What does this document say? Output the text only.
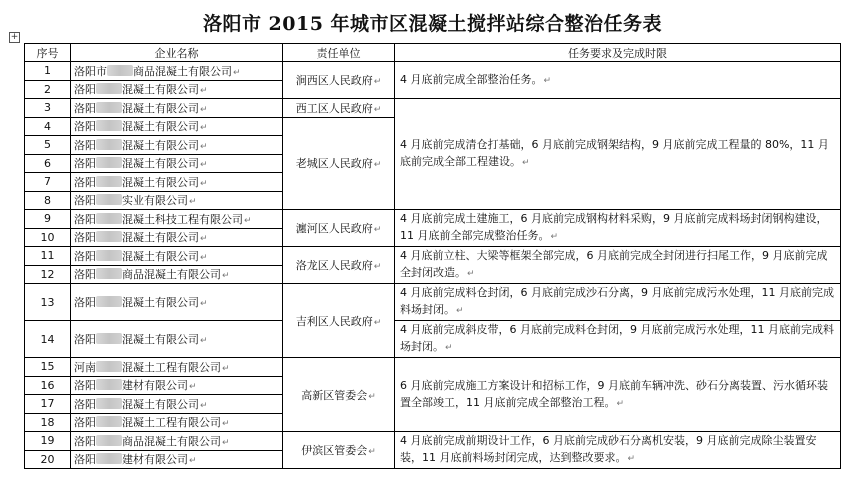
洛阳市 2015 年城市区混凝土搅拌站综合整治任务表
+
序号	企业名称	责任单位	任务要求及完成时限
1	洛阳市 商品混凝土有限公司↵	涧西区人民政府↵	4 月底前完成全部整治任务。↵
2	洛阳 混凝土有限公司↵		
3	洛阳 混凝土有限公司↵	西工区人民政府↵	4 月底前完成清仓打基础，6 月底前完成钢架结构，9 月底前完成工程量的 80%，11 月底前完成全部工程建设。↵
4	洛阳 混凝土有限公司↵	老城区人民政府↵	
5	洛阳 混凝土有限公司↵		
6	洛阳 混凝土有限公司↵		
7	洛阳 混凝土有限公司↵		
8	洛阳 实业有限公司↵		
9	洛阳 混凝土科技工程有限公司↵	瀍河区人民政府↵	4 月底前完成土建施工，6 月底前完成钢构材料采购，9 月底前完成料场封闭钢构建设，11 月底前全部完成整治任务。↵
10	洛阳 混凝土有限公司↵		
11	洛阳 混凝土有限公司↵	洛龙区人民政府↵	4 月底前立柱、大梁等框架全部完成，6 月底前完成全封闭进行扫尾工作，9 月底前完成全封闭改造。↵
12	洛阳 商品混凝土有限公司↵		
13	洛阳 混凝土有限公司↵	吉利区人民政府↵	4 月底前完成料仓封闭，6 月底前完成沙石分离，9 月底前完成污水处理，11 月底前完成料场封闭。↵
14	洛阳 混凝土有限公司↵		4 月底前完成斜皮带，6 月底前完成料仓封闭，9 月底前完成污水处理，11 月底前完成料场封闭。↵
15	河南 混凝土工程有限公司↵	高新区管委会↵	6 月底前完成施工方案设计和招标工作，9 月底前车辆冲洗、砂石分离装置、污水循环装置全部竣工，11 月底前完成全部整治工程。↵
16	洛阳 建材有限公司↵		
17	洛阳 混凝土有限公司↵		
18	洛阳 混凝土工程有限公司↵		
19	洛阳 商品混凝土有限公司↵	伊滨区管委会↵	4 月底前完成前期设计工作，6 月底前完成砂石分离机安装，9 月底前完成除尘装置安装，11 月底前料场封闭完成，达到整改要求。↵
20	洛阳 建材有限公司↵		
